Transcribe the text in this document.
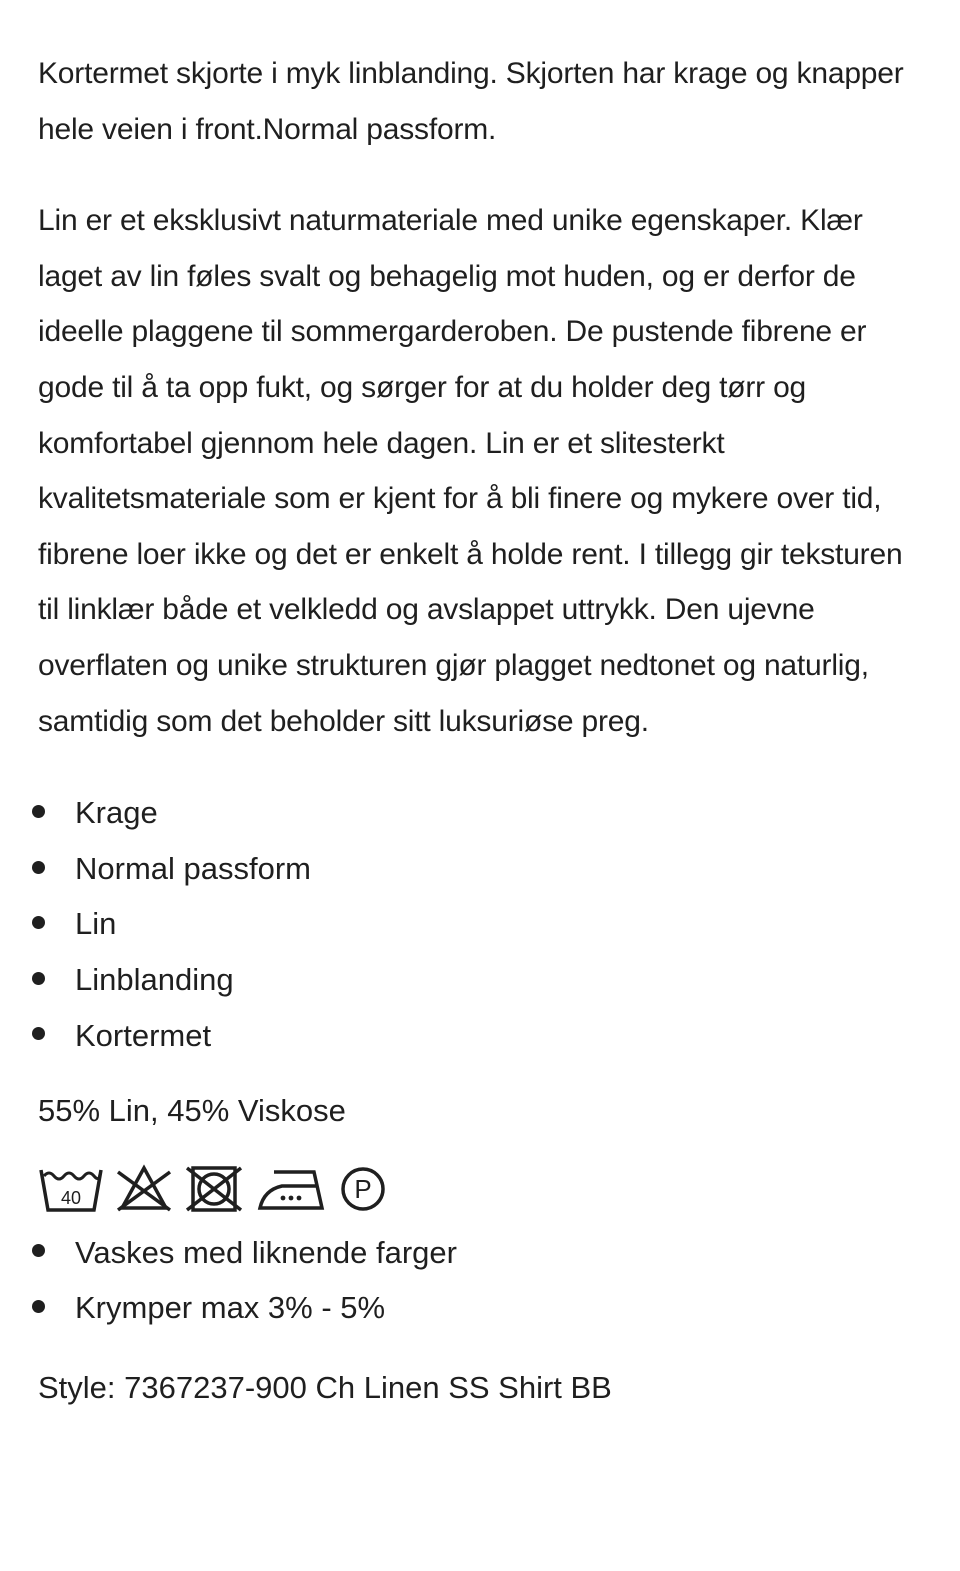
Kortermet skjorte i myk linblanding. Skjorten har krage og knapper hele veien i front.Normal passform.

Lin er et eksklusivt naturmateriale med unike egenskaper. Klær laget av lin føles svalt og behagelig mot huden, og er derfor de ideelle plaggene til sommergarderoben. De pustende fibrene er gode til å ta opp fukt, og sørger for at du holder deg tørr og komfortabel gjennom hele dagen. Lin er et slitesterkt kvalitetsmateriale som er kjent for å bli finere og mykere over tid, fibrene loer ikke og det er enkelt å holde rent. I tillegg gir teksturen til linklær både et velkledd og avslappet uttrykk. Den ujevne overflaten og unike strukturen gjør plagget nedtonet og naturlig, samtidig som det beholder sitt luksuriøse preg.

Krage
Normal passform
Lin
Linblanding
Kortermet

55% Lin, 45% Viskose

40	P
Vaskes med liknende farger
Krymper max 3% - 5%

Style: 7367237-900 Ch Linen SS Shirt BB
